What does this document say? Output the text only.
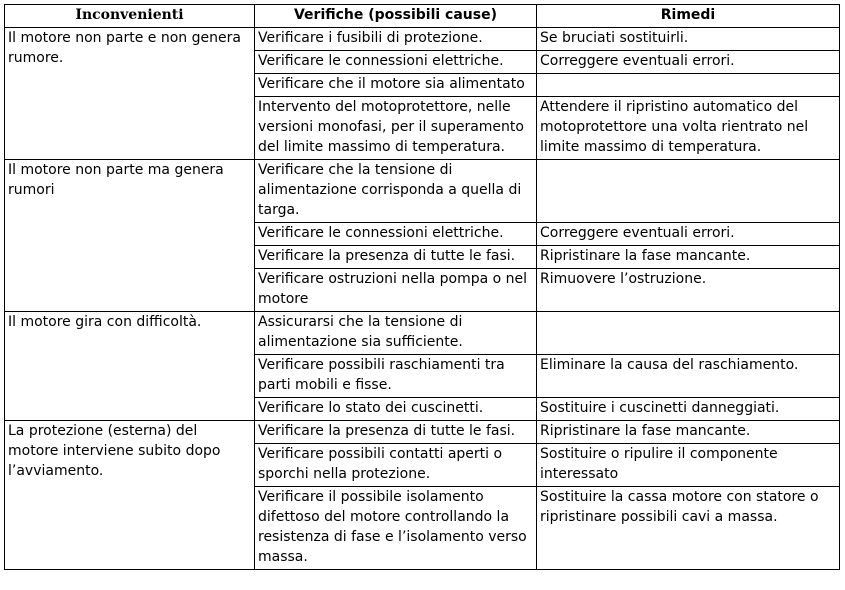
Inconvenienti	Verifiche (possibili cause)	Rimedi
Il motore non parte e non genera rumore.	Verificare i fusibili di protezione.	Se bruciati sostituirli.
	Verificare le connessioni elettriche.	Correggere eventuali errori.
	Verificare che il motore sia alimentato	
	Intervento del motoprotettore, nelle versioni monofasi, per il superamento del limite massimo di temperatura.	Attendere il ripristino automatico del motoprotettore una volta rientrato nel limite massimo di temperatura.
Il motore non parte ma genera rumori	Verificare che la tensione di alimentazione corrisponda a quella di targa.	
	Verificare le connessioni elettriche.	Correggere eventuali errori.
	Verificare la presenza di tutte le fasi.	Ripristinare la fase mancante.
	Verificare ostruzioni nella pompa o nel motore	Rimuovere l’ostruzione.
Il motore gira con difficoltà.	Assicurarsi che la tensione di alimentazione sia sufficiente.	
	Verificare possibili raschiamenti tra parti mobili e fisse.	Eliminare la causa del raschiamento.
	Verificare lo stato dei cuscinetti.	Sostituire i cuscinetti danneggiati.
La protezione (esterna) del motore interviene subito dopo l’avviamento.	Verificare la presenza di tutte le fasi.	Ripristinare la fase mancante.
	Verificare possibili contatti aperti o sporchi nella protezione.	Sostituire o ripulire il componente interessato
	Verificare il possibile isolamento difettoso del motore controllando la resistenza di fase e l’isolamento verso massa.	Sostituire la cassa motore con statore o ripristinare possibili cavi a massa.
